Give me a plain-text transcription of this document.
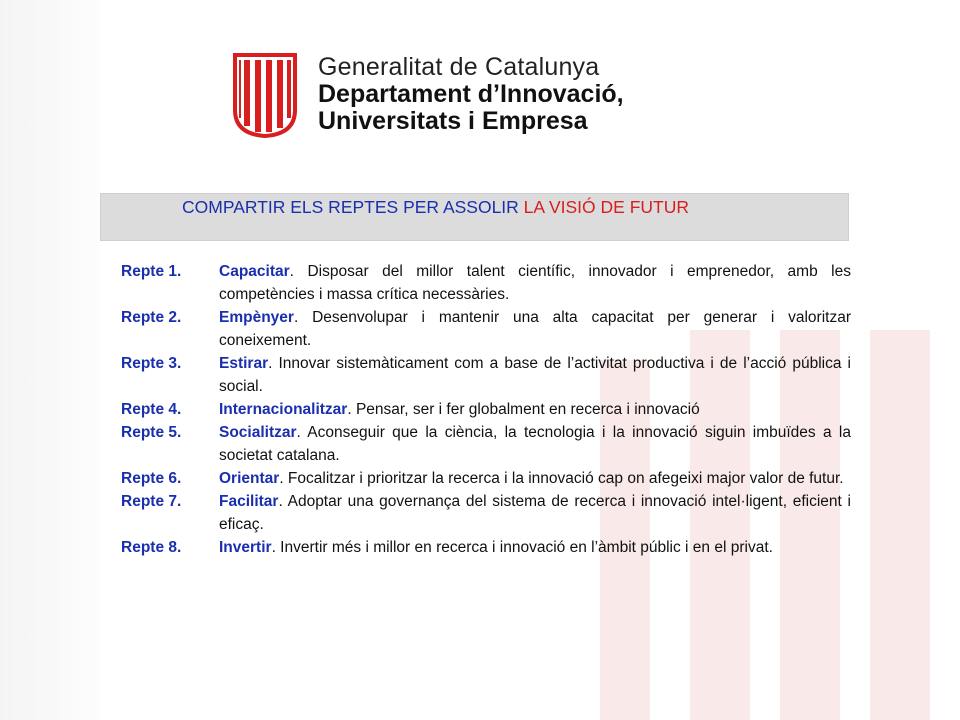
Generalitat de Catalunya
Departament d’Innovació,
Universitats i Empresa
COMPARTIR ELS REPTES PER ASSOLIR LA VISIÓ DE FUTUR
Repte 1.	Capacitar. Disposar del millor talent científic, innovador i emprenedor, amb les competències i massa crítica necessàries.
Repte 2.	Empènyer. Desenvolupar i mantenir una alta capacitat per generar i valoritzar coneixement.
Repte 3.	Estirar. Innovar sistemàticament com a base de l’activitat productiva i de l’acció pública i social.
Repte 4.	Internacionalitzar. Pensar, ser i fer globalment en recerca i innovació
Repte 5.	Socialitzar. Aconseguir que la ciència, la tecnologia i la innovació siguin imbuïdes a la societat catalana.
Repte 6.	Orientar. Focalitzar i prioritzar la recerca i la innovació cap on afegeixi major valor de futur.
Repte 7.	Facilitar. Adoptar una governança del sistema de recerca i innovació intel·ligent, eficient i eficaç.
Repte 8.	Invertir. Invertir més i millor en recerca i innovació en l’àmbit públic i en el privat.
